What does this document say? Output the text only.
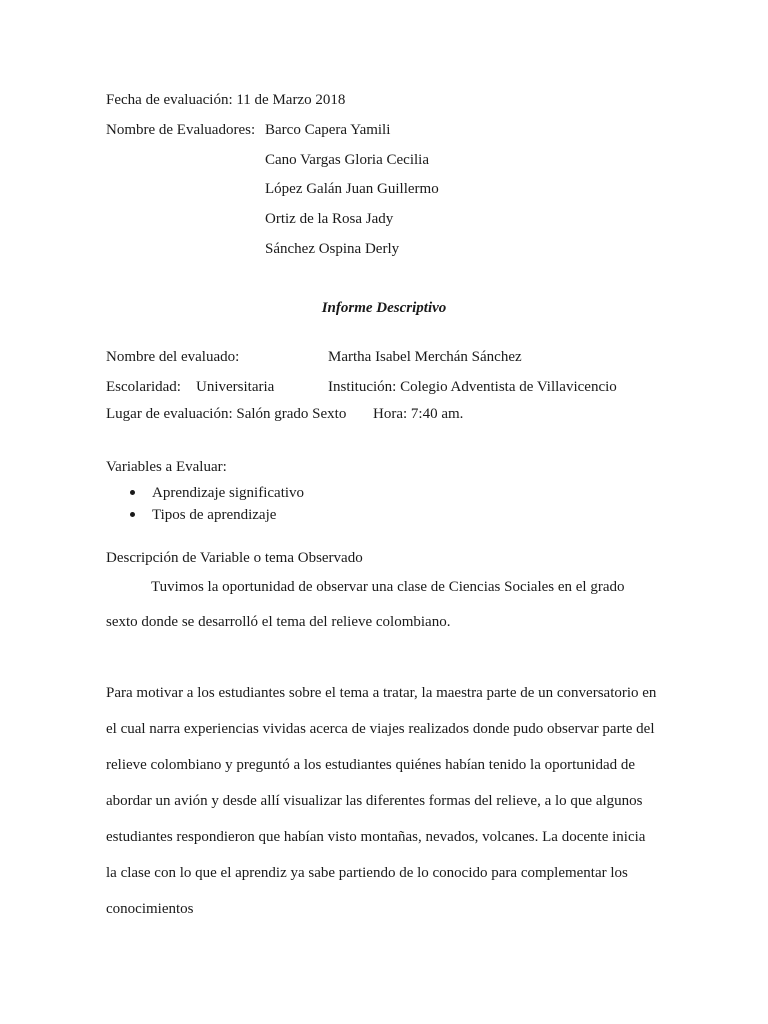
Fecha de evaluación: 11 de Marzo 2018
Nombre de Evaluadores: Barco Capera Yamili
Cano Vargas Gloria Cecilia
López Galán Juan Guillermo
Ortiz de la Rosa Jady
Sánchez Ospina Derly
Informe Descriptivo
Nombre del evaluado:	Martha Isabel Merchán Sánchez
Escolaridad: Universitaria	Institución: Colegio Adventista de Villavicencio
Lugar de evaluación: Salón grado Sexto Hora: 7:40 am.
Variables a Evaluar:
Aprendizaje significativo
Tipos de aprendizaje
Descripción de Variable o tema Observado
Tuvimos la oportunidad de observar una clase de Ciencias Sociales en el grado
sexto donde se desarrolló el tema del relieve colombiano.
Para motivar a los estudiantes sobre el tema a tratar, la maestra parte de un conversatorio en
el cual narra experiencias vividas acerca de viajes realizados donde pudo observar parte del
relieve colombiano y preguntó a los estudiantes quiénes habían tenido la oportunidad de
abordar un avión y desde allí visualizar las diferentes formas del relieve, a lo que algunos
estudiantes respondieron que habían visto montañas, nevados, volcanes. La docente inicia
la clase con lo que el aprendiz ya sabe partiendo de lo conocido para complementar los
conocimientos
